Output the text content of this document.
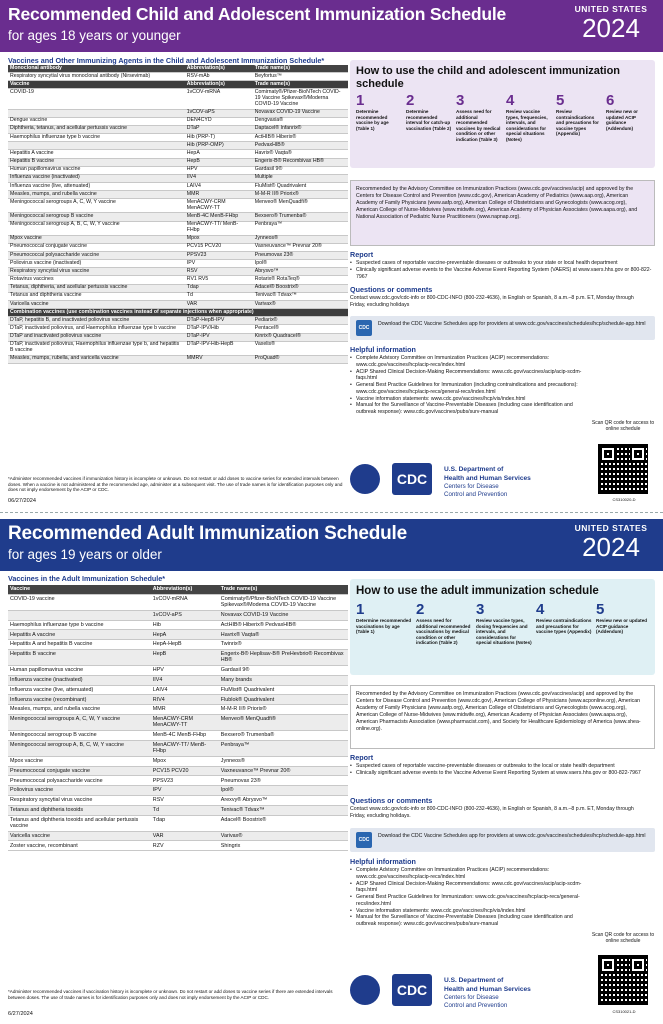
Recommended Child and Adolescent Immunization Schedule
for ages 18 years or younger
UNITED STATES
2024
Vaccines and Other Immunizing Agents in the Child and Adolescent Immunization Schedule*
Monoclonal antibody	Abbreviation(s)	Trade name(s)
Respiratory syncytial virus monoclonal antibody (Nirsevimab)	RSV-mAb	Beyfortus™
Vaccine	Abbreviation(s)	Trade name(s)
COVID-19	1vCOV-mRNA	Comirnaty®/Pfizer-BioNTech COVID-19 Vaccine Spikevax®/Moderna COVID-19 Vaccine
	1vCOV-aPS	Novavax COVID-19 Vaccine
Dengue vaccine	DEN4CYD	Dengvaxia®
Diphtheria, tetanus, and acellular pertussis vaccine	DTaP	Daptacel® Infanrix®
Haemophilus influenzae type b vaccine	Hib (PRP-T)	ActHIB® Hiberix®
	Hib (PRP-OMP)	PedvaxHIB®
Hepatitis A vaccine	HepA	Havrix® Vaqta®
Hepatitis B vaccine	HepB	Engerix-B® Recombivax HB®
Human papillomavirus vaccine	HPV	Gardasil 9®
Influenza vaccine (inactivated)	IIV4	Multiple
Influenza vaccine (live, attenuated)	LAIV4	FluMist® Quadrivalent
Measles, mumps, and rubella vaccine	MMR	M-M-R II® Priorix®
Meningococcal serogroups A, C, W, Y vaccine	MenACWY-CRM MenACWY-TT	Menveo® MenQuadfi®
Meningococcal serogroup B vaccine	MenB-4C MenB-FHbp	Bexsero® Trumenba®
Meningococcal serogroup A, B, C, W, Y vaccine	MenACWY-TT/ MenB-FHbp	Penbraya™
Mpox vaccine	Mpox	Jynneos®
Pneumococcal conjugate vaccine	PCV15 PCV20	Vaxneuvance™ Prevnar 20®
Pneumococcal polysaccharide vaccine	PPSV23	Pneumovax 23®
Poliovirus vaccine (inactivated)	IPV	Ipol®
Respiratory syncytial virus vaccine	RSV	Abrysvo™
Rotavirus vaccines	RV1 RV5	Rotarix® RotaTeq®
Tetanus, diphtheria, and acellular pertussis vaccine	Tdap	Adacel® Boostrix®
Tetanus and diphtheria vaccine	Td	Tenivac® Tdvax™
Varicella vaccine	VAR	Varivax®
Combination vaccines (use combination vaccines instead of separate injections when appropriate)		
DTaP, hepatitis B, and inactivated poliovirus vaccine	DTaP-HepB-IPV	Pediarix®
DTaP, inactivated poliovirus, and Haemophilus influenzae type b vaccine	DTaP-IPV/Hib	Pentacel®
DTaP and inactivated poliovirus vaccine	DTaP-IPV	Kinrix® Quadracel®
DTaP, inactivated poliovirus, Haemophilus influenzae type b, and hepatitis B vaccine	DTaP-IPV-Hib-HepB	Vaxelis®
Measles, mumps, rubella, and varicella vaccine	MMRV	ProQuad®
*Administer recommended vaccines if immunization history is incomplete or unknown. Do not restart or add doses to vaccine series for extended intervals between doses. When a vaccine is not administered at the recommended age, administer at a subsequent visit. The use of trade names is for identification purposes only and does not imply endorsement by the ACIP or CDC.
06/27/2024
How to use the child and adolescent immunization schedule
1
Determine recommended vaccine by age (Table 1)
2
Determine recommended interval for catch-up vaccination (Table 2)
3
Assess need for additional recommended vaccines by medical condition or other indication (Table 3)
4
Review vaccine types, frequencies, intervals, and considerations for special situations (Notes)
5
Review contraindications and precautions for vaccine types (Appendix)
6
Review new or updated ACIP guidance (Addendum)
Recommended by the Advisory Committee on Immunization Practices (www.cdc.gov/vaccines/acip) and approved by the Centers for Disease Control and Prevention (www.cdc.gov), American Academy of Pediatrics (www.aap.org), American Academy of Family Physicians (www.aafp.org), American College of Obstetricians and Gynecologists (www.acog.org), American College of Nurse-Midwives (www.midwife.org), American Academy of Physician Associates (www.aapa.org), and National Association of Pediatric Nurse Practitioners (www.napnap.org).
Report
• Suspected cases of reportable vaccine-preventable diseases or outbreaks to your state or local health department
• Clinically significant adverse events to the Vaccine Adverse Event Reporting System (VAERS) at www.vaers.hhs.gov or 800-822-7967
Questions or comments
Contact www.cdc.gov/cdc-info or 800-CDC-INFO (800-232-4636), in English or Spanish, 8 a.m.–8 p.m. ET, Monday through Friday, excluding holidays
CDC
Download the CDC Vaccine Schedules app for providers at www.cdc.gov/vaccines/schedules/hcp/schedule-app.html
Helpful information
• Complete Advisory Committee on Immunization Practices (ACIP) recommendations: www.cdc.gov/vaccines/hcp/acip-recs/index.html
• ACIP Shared Clinical Decision-Making Recommendations: www.cdc.gov/vaccines/acip/acip-scdm-faqs.html
• General Best Practice Guidelines for Immunization (including contraindications and precautions): www.cdc.gov/vaccines/hcp/acip-recs/general-recs/index.html
• Vaccine information statements: www.cdc.gov/vaccines/hcp/vis/index.html
• Manual for the Surveillance of Vaccine-Preventable Diseases (including case identification and outbreak response): www.cdc.gov/vaccines/pubs/surv-manual
Scan QR code for access to online schedule
CS310020-D
CDC
U.S. Department of
Health and Human Services
Centers for Disease
Control and Prevention
Recommended Adult Immunization Schedule
for ages 19 years or older
UNITED STATES
2024
Vaccines in the Adult Immunization Schedule*
Vaccine	Abbreviation(s)	Trade name(s)
COVID-19 vaccine	1vCOV-mRNA	Comirnaty®/Pfizer-BioNTech COVID-19 Vaccine Spikevax®/Moderna COVID-19 Vaccine
	1vCOV-aPS	Novavax COVID-19 Vaccine
Haemophilus influenzae type b vaccine	Hib	ActHIB® Hiberix® PedvaxHIB®
Hepatitis A vaccine	HepA	Havrix® Vaqta®
Hepatitis A and hepatitis B vaccine	HepA-HepB	Twinrix®
Hepatitis B vaccine	HepB	Engerix-B® Heplisav-B® PreHevbrio® Recombivax HB®
Human papillomavirus vaccine	HPV	Gardasil 9®
Influenza vaccine (inactivated)	IIV4	Many brands
Influenza vaccine (live, attenuated)	LAIV4	FluMist® Quadrivalent
Influenza vaccine (recombinant)	RIV4	Flublok® Quadrivalent
Measles, mumps, and rubella vaccine	MMR	M-M-R II® Priorix®
Meningococcal serogroups A, C, W, Y vaccine	MenACWY-CRM MenACWY-TT	Menveo® MenQuadfi®
Meningococcal serogroup B vaccine	MenB-4C MenB-FHbp	Bexsero® Trumenba®
Meningococcal serogroup A, B, C, W, Y vaccine	MenACWY-TT/ MenB-FHbp	Penbraya™
Mpox vaccine	Mpox	Jynneos®
Pneumococcal conjugate vaccine	PCV15 PCV20	Vaxneuvance™ Prevnar 20®
Pneumococcal polysaccharide vaccine	PPSV23	Pneumovax 23®
Poliovirus vaccine	IPV	Ipol®
Respiratory syncytial virus vaccine	RSV	Arexvy® Abrysvo™
Tetanus and diphtheria toxoids	Td	Tenivac® Tdvax™
Tetanus and diphtheria toxoids and acellular pertussis vaccine	Tdap	Adacel® Boostrix®
Varicella vaccine	VAR	Varivax®
Zoster vaccine, recombinant	RZV	Shingrix
*Administer recommended vaccines if vaccination history is incomplete or unknown. Do not restart or add doses to vaccine series if there are extended intervals between doses. The use of trade names is for identification purposes only and does not imply endorsement by the ACIP or CDC.
6/27/2024
How to use the adult immunization schedule
1
Determine recommended vaccinations by age (Table 1)
2
Assess need for additional recommended vaccinations by medical condition or other indication (Table 2)
3
Review vaccine types, dosing frequencies and intervals, and considerations for special situations (Notes)
4
Review contraindications and precautions for vaccine types (Appendix)
5
Review new or updated ACIP guidance (Addendum)
Recommended by the Advisory Committee on Immunization Practices (www.cdc.gov/vaccines/acip) and approved by the Centers for Disease Control and Prevention (www.cdc.gov), American College of Physicians (www.acponline.org), American Academy of Family Physicians (www.aafp.org), American College of Obstetricians and Gynecologists (www.acog.org), American College of Nurse-Midwives (www.midwife.org), American Academy of Physician Associates (www.aapa.org), American Pharmacists Association (www.pharmacist.com), and Society for Healthcare Epidemiology of America (www.shea-online.org).
Report
• Suspected cases of reportable vaccine-preventable diseases or outbreaks to the local or state health department
• Clinically significant adverse events to the Vaccine Adverse Event Reporting System at www.vaers.hhs.gov or 800-822-7967
Questions or comments
Contact www.cdc.gov/cdc-info or 800-CDC-INFO (800-232-4636), in English or Spanish, 8 a.m.–8 p.m. ET, Monday through Friday, excluding holidays.
CDC
Download the CDC Vaccine Schedules app for providers at www.cdc.gov/vaccines/schedules/hcp/schedule-app.html
Helpful information
• Complete Advisory Committee on Immunization Practices (ACIP) recommendations: www.cdc.gov/vaccines/hcp/acip-recs/index.html
• ACIP Shared Clinical Decision-Making Recommendations: www.cdc.gov/vaccines/acip/acip-scdm-faqs.html
• General Best Practice Guidelines for Immunization: www.cdc.gov/vaccines/hcp/acip-recs/general-recs/index.html
• Vaccine information statements: www.cdc.gov/vaccines/hcp/vis/index.html
• Manual for the Surveillance of Vaccine-Preventable Diseases (including case identification and outbreak response): www.cdc.gov/vaccines/pubs/surv-manual
Scan QR code for access to online schedule
CS310021-D
CDC
U.S. Department of
Health and Human Services
Centers for Disease
Control and Prevention
